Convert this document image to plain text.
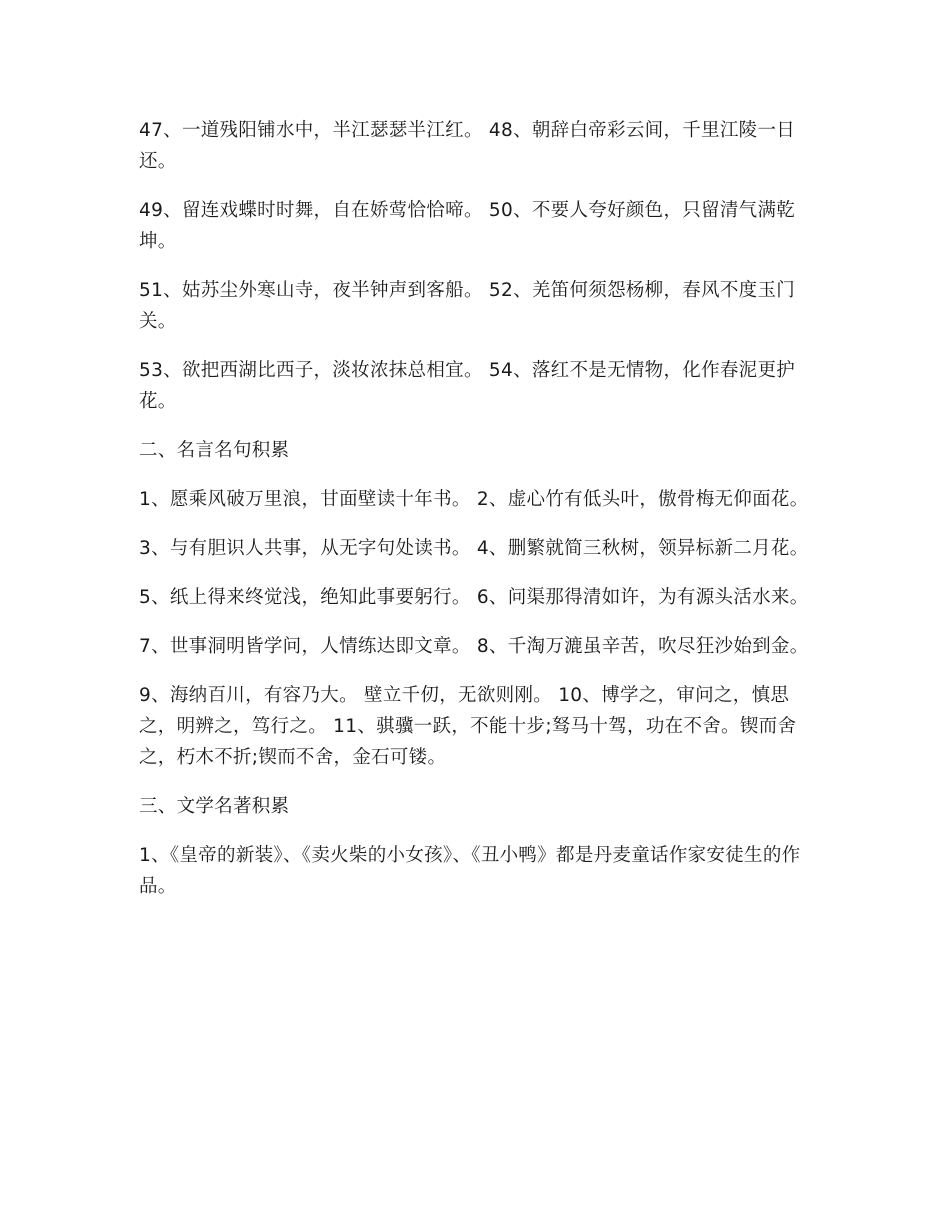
47、一道残阳铺水中，半江瑟瑟半江红。 48、朝辞白帝彩云间，千里江陵一日还。

49、留连戏蝶时时舞，自在娇莺恰恰啼。 50、不要人夸好颜色，只留清气满乾坤。

51、姑苏尘外寒山寺，夜半钟声到客船。 52、羌笛何须怨杨柳，春风不度玉门关。

53、欲把西湖比西子，淡妆浓抹总相宜。 54、落红不是无情物，化作春泥更护花。

二、名言名句积累

1、愿乘风破万里浪，甘面壁读十年书。 2、虚心竹有低头叶，傲骨梅无仰面花。

3、与有胆识人共事，从无字句处读书。 4、删繁就简三秋树，领异标新二月花。

5、纸上得来终觉浅，绝知此事要躬行。 6、问渠那得清如许，为有源头活水来。

7、世事洞明皆学问，人情练达即文章。 8、千淘万漉虽辛苦，吹尽狂沙始到金。

9、海纳百川，有容乃大。 壁立千仞，无欲则刚。 10、博学之，审问之，慎思之，明辨之，笃行之。 11、骐骥一跃，不能十步;驽马十驾，功在不舍。锲而舍之，朽木不折;锲而不舍，金石可镂。

三、文学名著积累

1、《皇帝的新装》、《卖火柴的小女孩》、《丑小鸭》都是丹麦童话作家安徒生的作品。
